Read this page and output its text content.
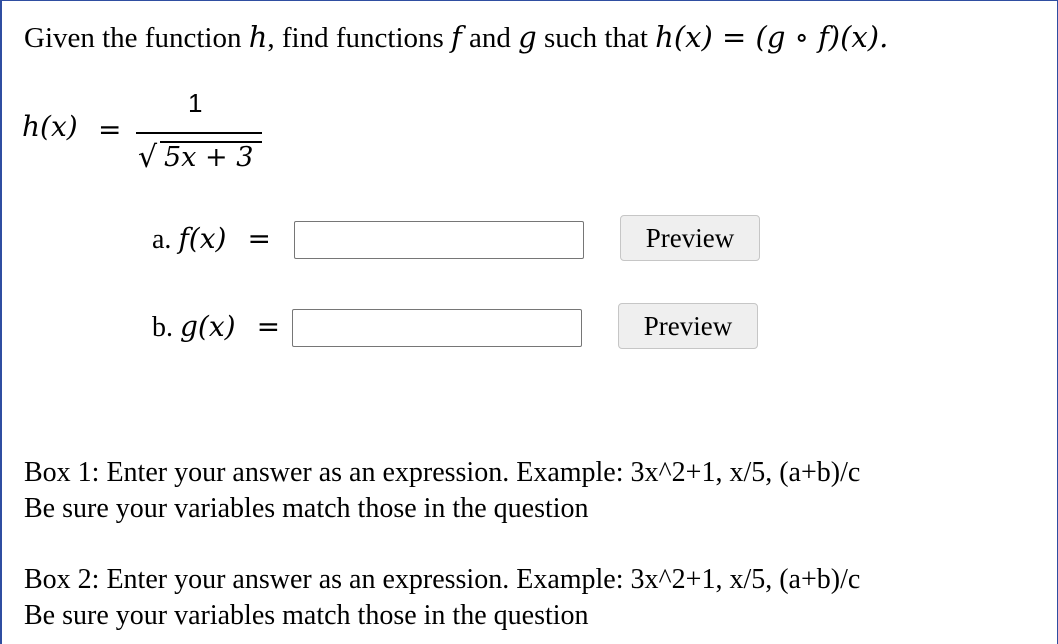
Given the function h, find functions f and g such that h(x) = (g ∘ f)(x).
h(x) =
1
√ 5x + 3
a. f(x) =	Preview
b. g(x) =	Preview
Box 1: Enter your answer as an expression. Example: 3x^2+1, x/5, (a+b)/c
Be sure your variables match those in the question
Box 2: Enter your answer as an expression. Example: 3x^2+1, x/5, (a+b)/c
Be sure your variables match those in the question
